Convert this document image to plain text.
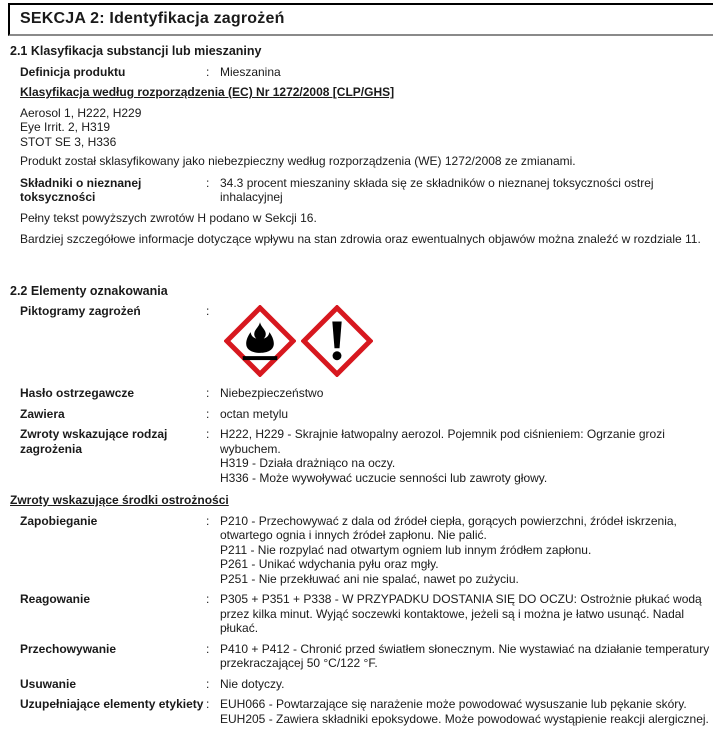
SEKCJA 2: Identyfikacja zagrożeń
2.1 Klasyfikacja substancji lub mieszaniny
Definicja produktu	: Mieszanina
Klasyfikacja według rozporządzenia (EC) Nr 1272/2008 [CLP/GHS]
Aerosol 1, H222, H229
Eye Irrit. 2, H319
STOT SE 3, H336
Produkt został sklasyfikowany jako niebezpieczny według rozporządzenia (WE) 1272/2008 ze zmianami.
Składniki o nieznanej toksyczności
: 34.3 procent mieszaniny składa się ze składników o nieznanej toksyczności ostrej inhalacyjnej
Pełny tekst powyższych zwrotów H podano w Sekcji 16.
Bardziej szczegółowe informacje dotyczące wpływu na stan zdrowia oraz ewentualnych objawów można znaleźć w rozdziale 11.
2.2 Elementy oznakowania
Piktogramy zagrożeń	:
Hasło ostrzegawcze	: Niebezpieczeństwo
Zawiera	: octan metylu
Zwroty wskazujące rodzaj zagrożenia
: H222, H229 - Skrajnie łatwopalny aerozol. Pojemnik pod ciśnieniem: Ogrzanie grozi wybuchem.
H319 - Działa drażniąco na oczy.
H336 - Może wywoływać uczucie senności lub zawroty głowy.
Zwroty wskazujące środki ostrożności
Zapobieganie	: P210 - Przechowywać z dala od źródeł ciepła, gorących powierzchni, źródeł iskrzenia, otwartego ognia i innych źródeł zapłonu. Nie palić.
P211 - Nie rozpylać nad otwartym ogniem lub innym źródłem zapłonu.
P261 - Unikać wdychania pyłu oraz mgły.
P251 - Nie przekłuwać ani nie spalać, nawet po zużyciu.
Reagowanie	: P305 + P351 + P338 - W PRZYPADKU DOSTANIA SIĘ DO OCZU: Ostrożnie płukać wodą przez kilka minut. Wyjąć soczewki kontaktowe, jeżeli są i można je łatwo usunąć. Nadal płukać.
Przechowywanie	: P410 + P412 - Chronić przed światłem słonecznym. Nie wystawiać na działanie temperatury przekraczającej 50 °C/122 °F.
Usuwanie	: Nie dotyczy.
Uzupełniające elementy etykiety : EUH066 - Powtarzające się narażenie może powodować wysuszanie lub pękanie skóry.
EUH205 - Zawiera składniki epoksydowe. Może powodować wystąpienie reakcji alergicznej.
